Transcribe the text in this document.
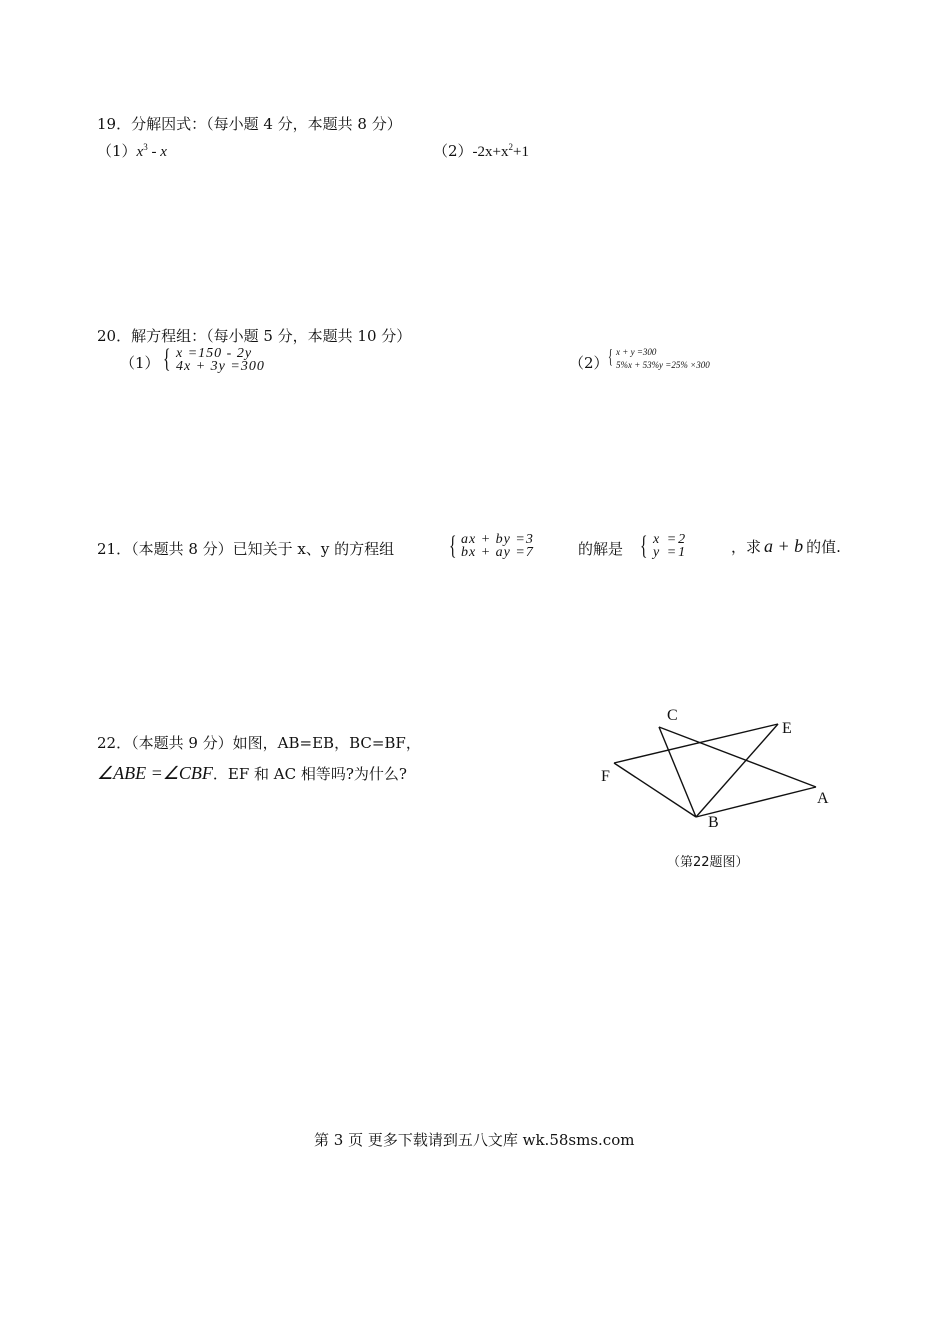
19．分解因式：（每小题 4 分，本题共 8 分）
$(1)x^3$ - x	$(2)-2x+x^2+1$
20．解方程组：（每小题 5 分，本题共 10 分）
（1） { x =150 - 2y
4x + 3y =300	（2） { x + y =300
5%x + 53%y =25% ×300
21．（本题共 8 分）已知关于 x、y 的方程组 { ax + by =3
bx + ay =7	的解是 { x =2
y =1	，求 a + b 的值.
22．（本题共 9 分）如图，AB=EB，BC=BF，
∠ABE =∠CBF．EF 和 AC 相等吗?为什么?
C
E
F
A
B
（第22题图）
第 3 页 更多下载请到五八文库 wk.58sms.com
